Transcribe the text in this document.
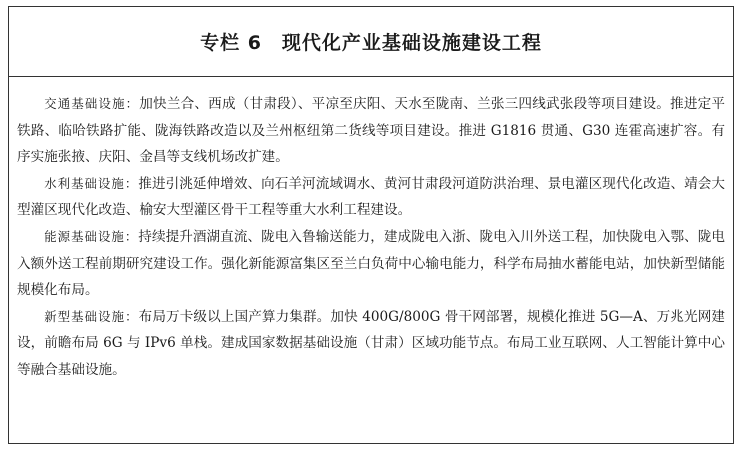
专栏 6　现代化产业基础设施建设工程

交通基础设施：加快兰合、西成（甘肃段）、平凉至庆阳、天水至陇南、兰张三四线武张段等项目建设。推进定平铁路、临哈铁路扩能、陇海铁路改造以及兰州枢纽第二货线等项目建设。推进 G1816 贯通、G30 连霍高速扩容。有序实施张掖、庆阳、金昌等支线机场改扩建。

水利基础设施：推进引洮延伸增效、向石羊河流域调水、黄河甘肃段河道防洪治理、景电灌区现代化改造、靖会大型灌区现代化改造、榆安大型灌区骨干工程等重大水利工程建设。

能源基础设施：持续提升酒湖直流、陇电入鲁输送能力，建成陇电入浙、陇电入川外送工程，加快陇电入鄂、陇电入额外送工程前期研究建设工作。强化新能源富集区至兰白负荷中心输电能力，科学布局抽水蓄能电站，加快新型储能规模化布局。

新型基础设施：布局万卡级以上国产算力集群。加快 400G/800G 骨干网部署，规模化推进 5G—A、万兆光网建设，前瞻布局 6G 与 IPv6 单栈。建成国家数据基础设施（甘肃）区域功能节点。布局工业互联网、人工智能计算中心等融合基础设施。
